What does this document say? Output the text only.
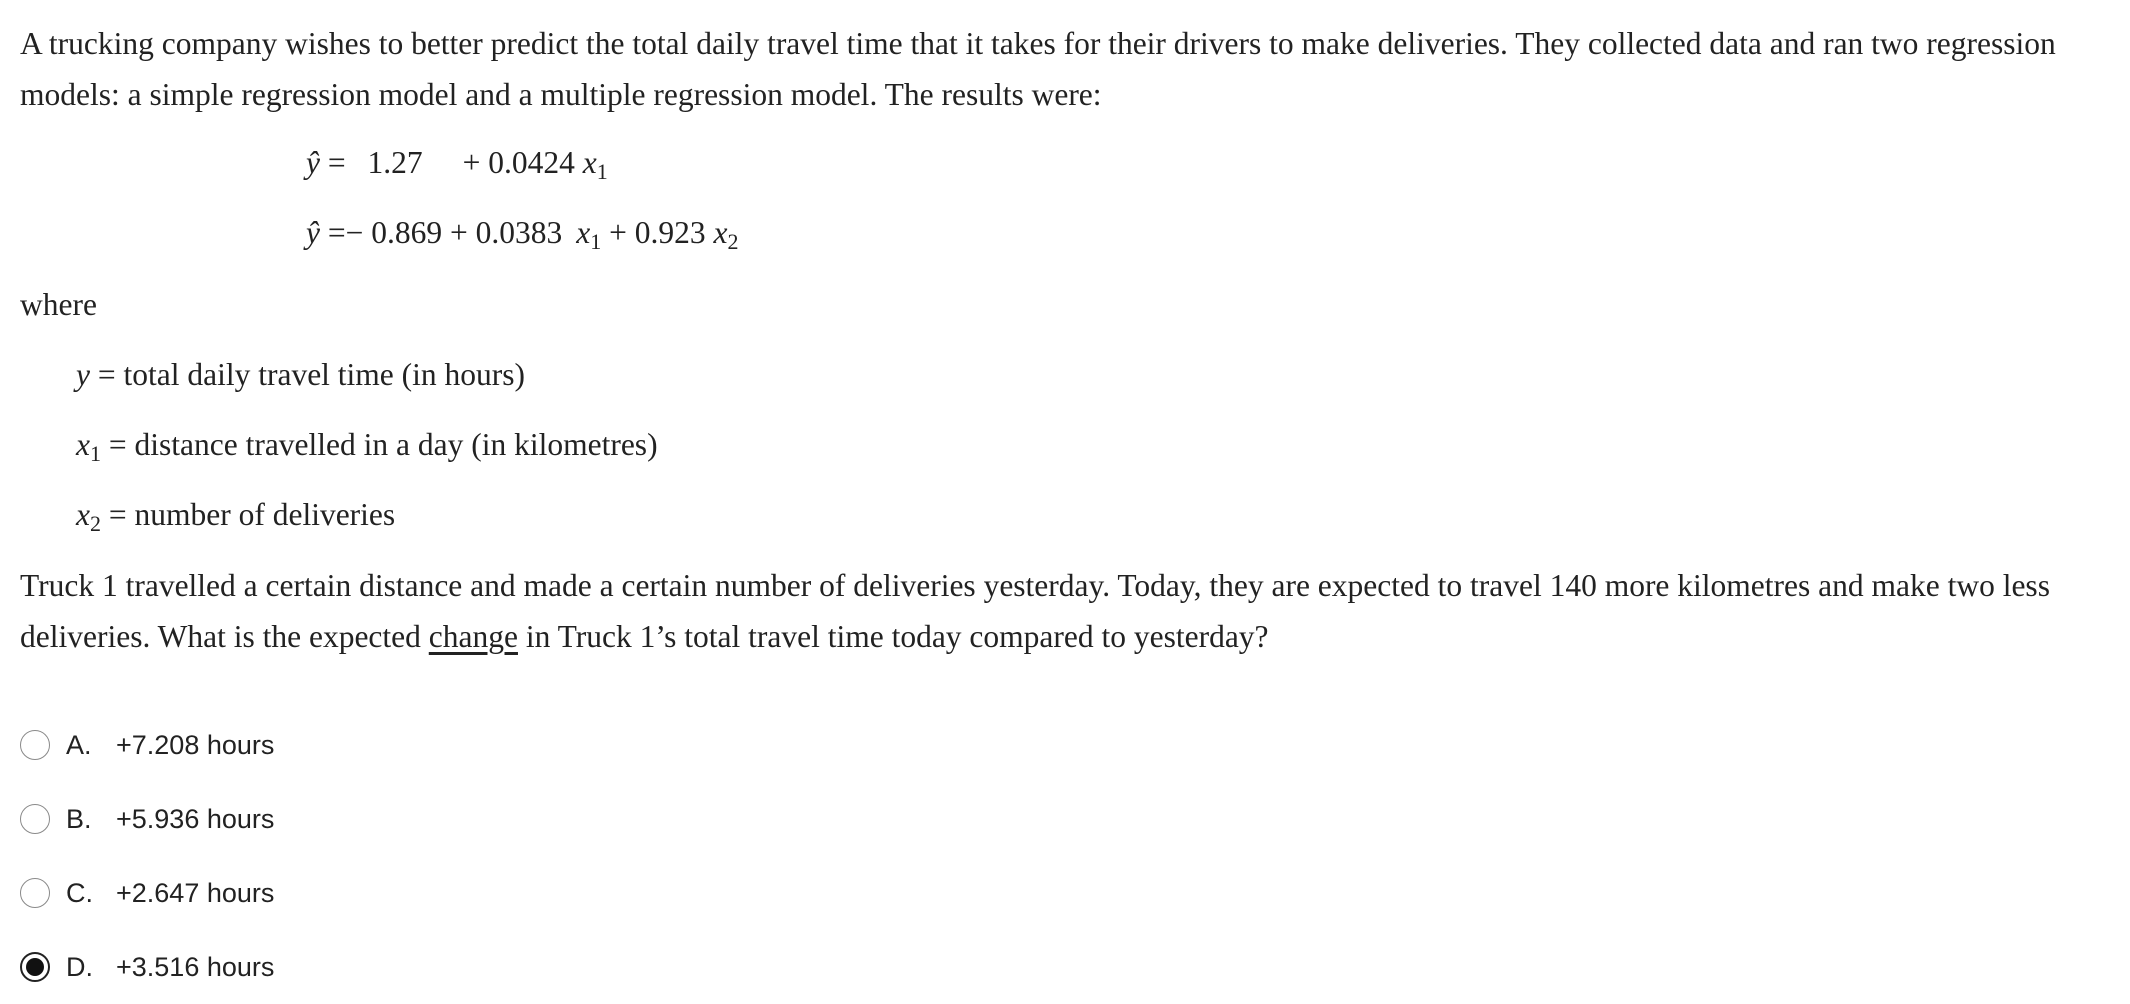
A trucking company wishes to better predict the total daily travel time that it takes for their drivers to make deliveries. They collected data and ran two regression models: a simple regression model and a multiple regression model. The results were:

ŷ = 1.27 + 0.0424 $x_1$
ŷ =− 0.869 + 0.0383 $x_1 + 0.923$ $x_2$
where
y = total daily travel time (in hours)
$x_1$ = distance travelled in a day (in kilometres)
$x_2$ = number of deliveries

Truck 1 travelled a certain distance and made a certain number of deliveries yesterday. Today, they are expected to travel 140 more kilometres and make two less deliveries. What is the expected change in Truck 1’s total travel time today compared to yesterday?

A. +7.208 hours
B. +5.936 hours
C. +2.647 hours
D. +3.516 hours
